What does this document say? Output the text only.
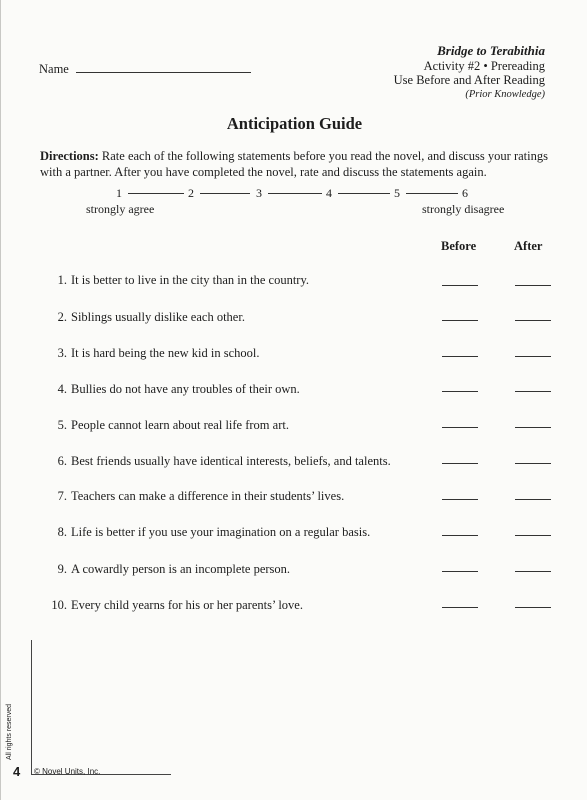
Name
Bridge to Terabithia
Activity #2 • Prereading
Use Before and After Reading
(Prior Knowledge)
Anticipation Guide
Directions: Rate each of the following statements before you read the novel, and discuss your ratings with a partner. After you have completed the novel, rate and discuss the statements again.
1	2	3	4	5	6
strongly agree	strongly disagree
Before	After
1. It is better to live in the city than in the country.
2. Siblings usually dislike each other.
3. It is hard being the new kid in school.
4. Bullies do not have any troubles of their own.
5. People cannot learn about real life from art.
6. Best friends usually have identical interests, beliefs, and talents.
7. Teachers can make a difference in their students’ lives.
8. Life is better if you use your imagination on a regular basis.
9. A cowardly person is an incomplete person.
10. Every child yearns for his or her parents’ love.
All rights reserved
4 © Novel Units, Inc.
